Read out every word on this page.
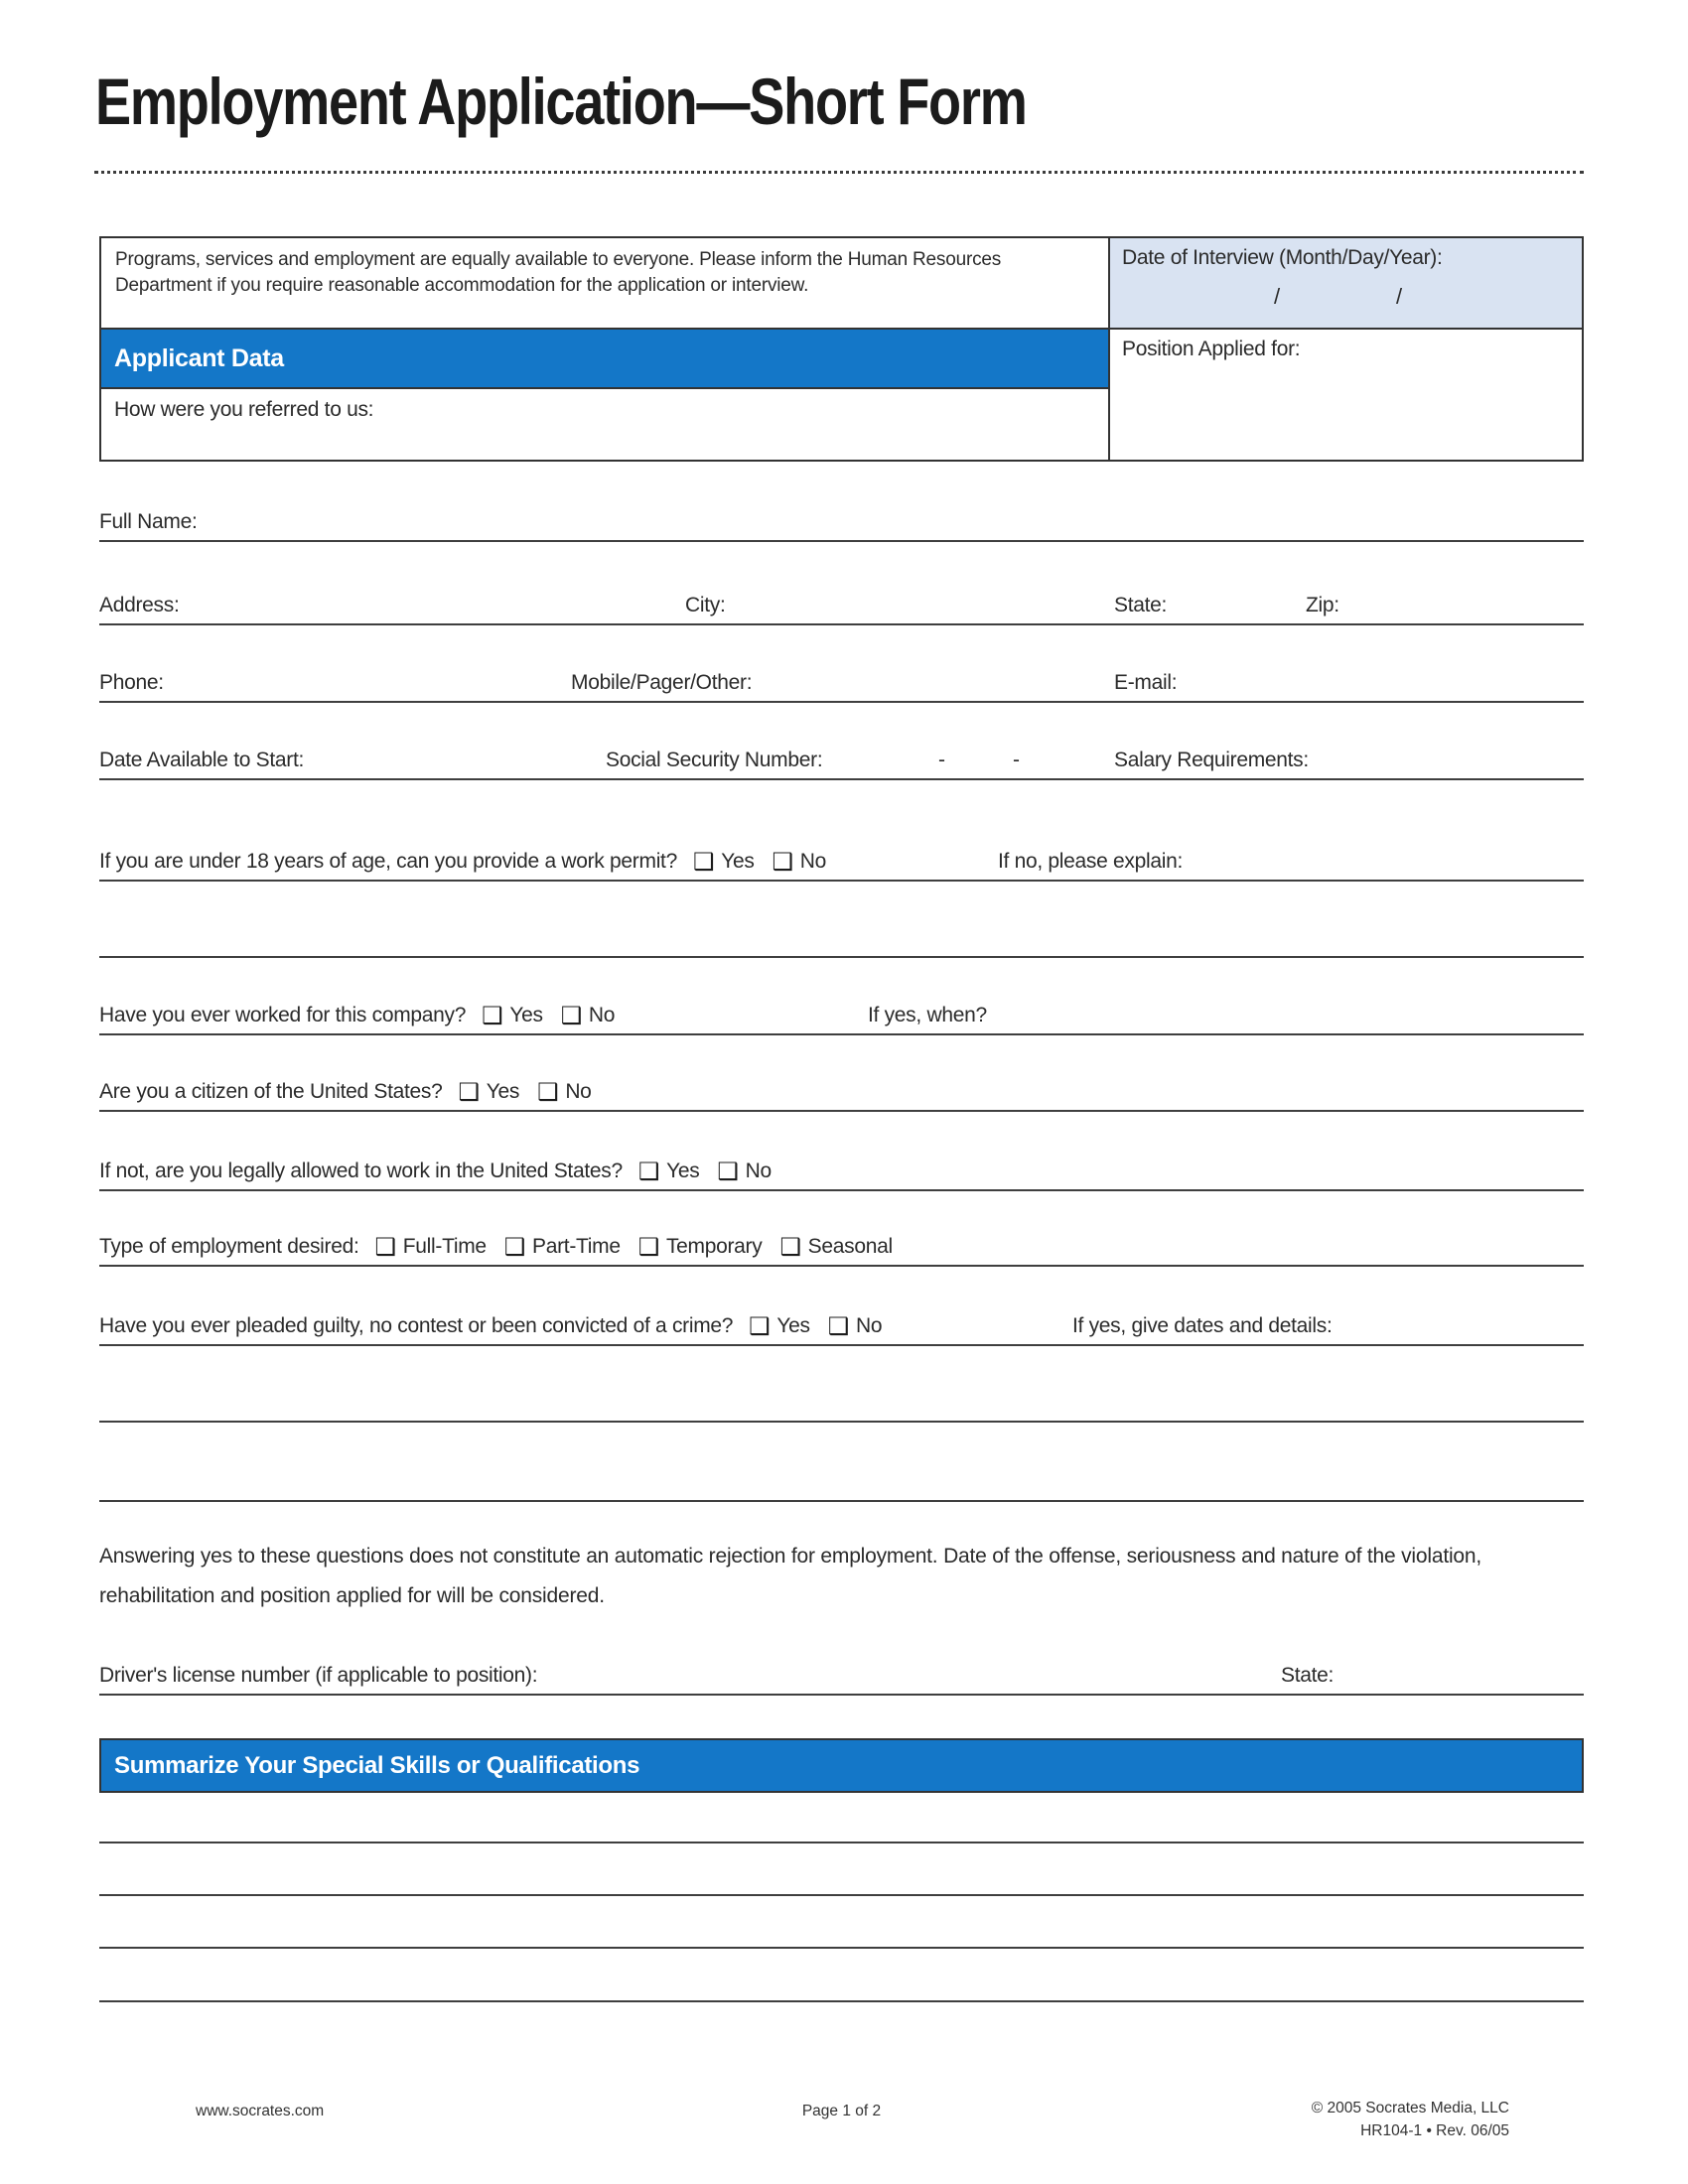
Employment Application—Short Form
Programs, services and employment are equally available to everyone. Please inform the Human Resources Department if you require reasonable accommodation for the application or interview.
Applicant Data
How were you referred to us:
Date of Interview (Month/Day/Year):
/	/
Position Applied for:
Full Name:
Address:	City:	State:	Zip:
Phone:	Mobile/Pager/Other:	E-mail:
Date Available to Start:	Social Security Number:	-	-	Salary Requirements:
If you are under 18 years of age, can you provide a work permit? ❑ Yes ❑ No	If no, please explain:
Have you ever worked for this company? ❑ Yes ❑ No	If yes, when?
Are you a citizen of the United States? ❑ Yes ❑ No
If not, are you legally allowed to work in the United States? ❑ Yes ❑ No
Type of employment desired: ❑ Full-Time ❑ Part-Time ❑ Temporary ❑ Seasonal
Have you ever pleaded guilty, no contest or been convicted of a crime? ❑ Yes ❑ No	If yes, give dates and details:

Answering yes to these questions does not constitute an automatic rejection for employment. Date of the offense, seriousness and nature of the violation, rehabilitation and position applied for will be considered.

Driver's license number (if applicable to position):	State:
Summarize Your Special Skills or Qualifications
www.socrates.com	Page 1 of 2	© 2005 Socrates Media, LLC
HR104-1 • Rev. 06/05
